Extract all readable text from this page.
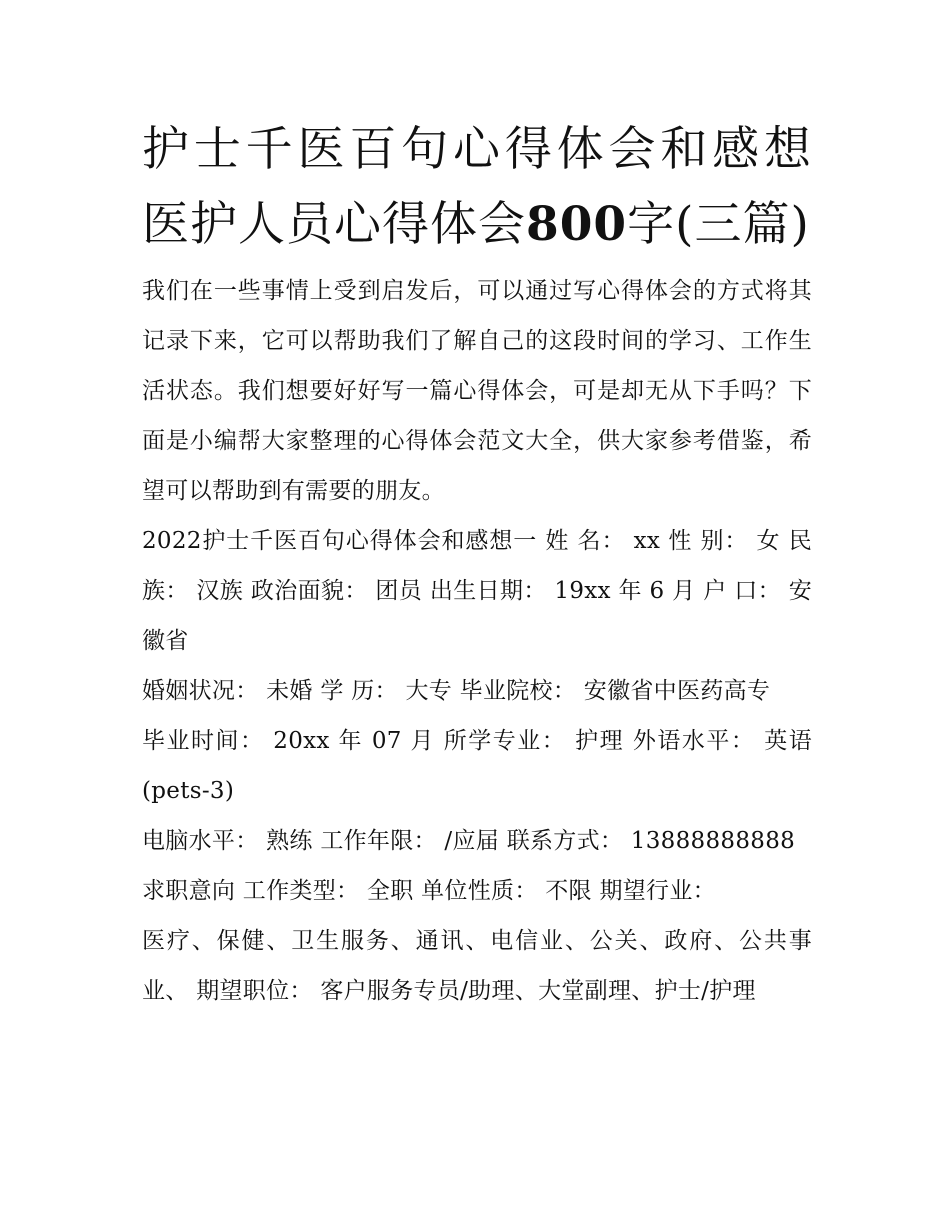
护士千医百句心得体会和感想医护人员心得体会800字(三篇)

我们在一些事情上受到启发后，可以通过写心得体会的方式将其记录下来，它可以帮助我们了解自己的这段时间的学习、工作生活状态。我们想要好好写一篇心得体会，可是却无从下手吗？下面是小编帮大家整理的心得体会范文大全，供大家参考借鉴，希望可以帮助到有需要的朋友。

2022护士千医百句心得体会和感想一 姓 名： xx 性 别： 女 民族： 汉族 政治面貌： 团员 出生日期： 19xx 年 6 月 户 口： 安徽省

婚姻状况： 未婚 学 历： 大专 毕业院校： 安徽省中医药高专

毕业时间： 20xx 年 07 月 所学专业： 护理 外语水平： 英语(pets-3)

电脑水平： 熟练 工作年限： /应届 联系方式： 13888888888

求职意向 工作类型： 全职 单位性质： 不限 期望行业：

医疗、保健、卫生服务、通讯、电信业、公关、政府、公共事业、 期望职位： 客户服务专员/助理、大堂副理、护士/护理
